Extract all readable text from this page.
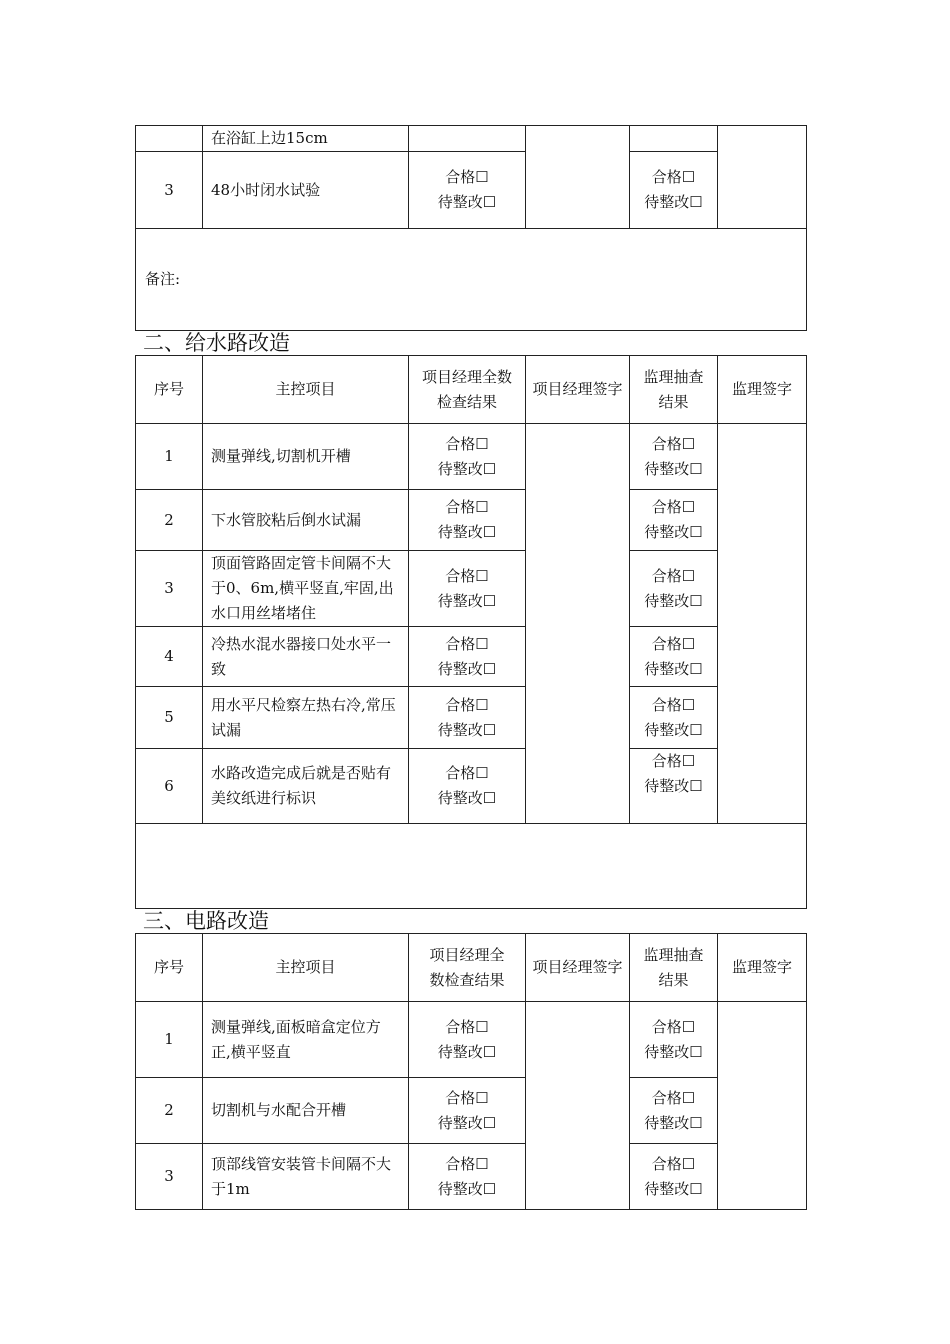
	在浴缸上边15cm				
3	48小时闭水试验	合格☐
待整改☐		合格☐
待整改☐	

备注:					
二、给水路改造
序号	主控项目	项目经理全数检查结果	项目经理签字	监理抽查结果	监理签字
1	测量弹线,切割机开槽	合格☐
待整改☐		合格☐
待整改☐	

2	下水管胶粘后倒水试漏	合格☐
待整改☐		合格☐
待整改☐	

3	顶面管路固定管卡间隔不大于0、6m,横平竖直,牢固,出水口用丝堵堵住	合格☐
待整改☐		合格☐
待整改☐	

4	冷热水混水器接口处水平一致	合格☐
待整改☐		合格☐
待整改☐	

5	用水平尺检察左热右冷,常压试漏	合格☐
待整改☐		合格☐
待整改☐	

6	水路改造完成后就是否贴有美纹纸进行标识	合格☐
待整改☐		合格☐
待整改☐	

三、电路改造
序号	主控项目	项目经理全数检查结果	项目经理签字	监理抽查结果	监理签字
1	测量弹线,面板暗盒定位方正,横平竖直	合格☐
待整改☐		合格☐
待整改☐	

2	切割机与水配合开槽	合格☐
待整改☐		合格☐
待整改☐	

3	顶部线管安装管卡间隔不大于1m	合格☐
待整改☐		合格☐
待整改☐	
